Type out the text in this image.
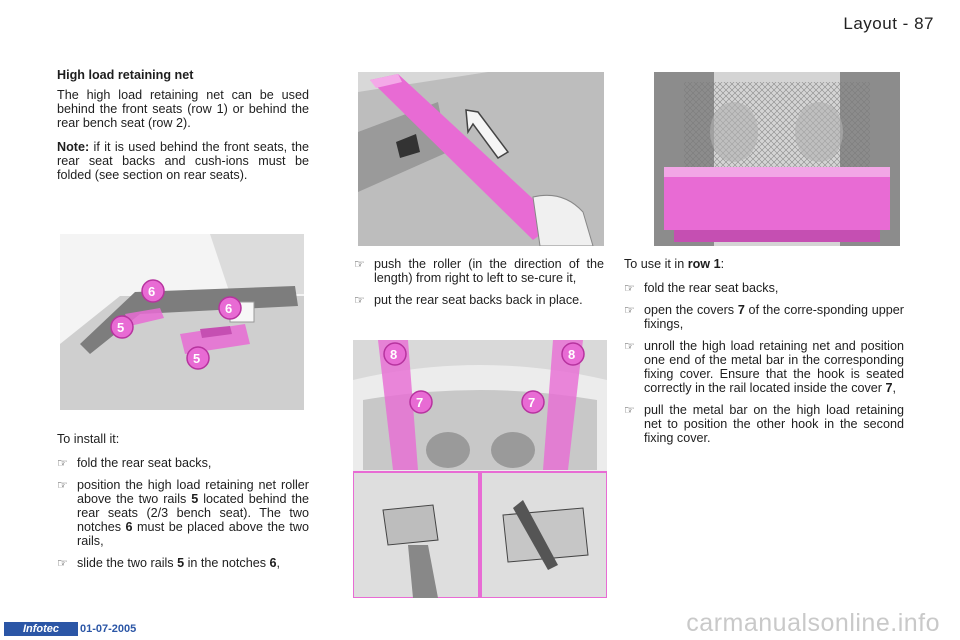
Layout - 87
High load retaining net

The high load retaining net can be used behind the front seats (row 1) or behind the rear bench seat (row 2).

Note: if it is used behind the front seats, the rear seat backs and cush-ions must be folded (see section on rear seats).

6
6
5
5

To install it:

☞ fold the rear seat backs,
☞ position the high load retaining net roller above the two rails 5 located behind the rear seats (2/3 bench seat). The two notches 6 must be placed above the two rails,
☞ slide the two rails 5 in the notches 6,
☞ push the roller (in the direction of the length) from right to left to se-cure it,
☞ put the rear seat backs back in place.
8	8
7	7

To use it in row 1:

☞ fold the rear seat backs,
☞ open the covers 7 of the corre-sponding upper fixings,
☞ unroll the high load retaining net and position one end of the metal bar in the corresponding fixing cover. Ensure that the hook is seated correctly in the rail located inside the cover 7,
☞ pull the metal bar on the high load retaining net to position the other hook in the second fixing cover.
Infotec	01-07-2005	carmanualsonline.info
